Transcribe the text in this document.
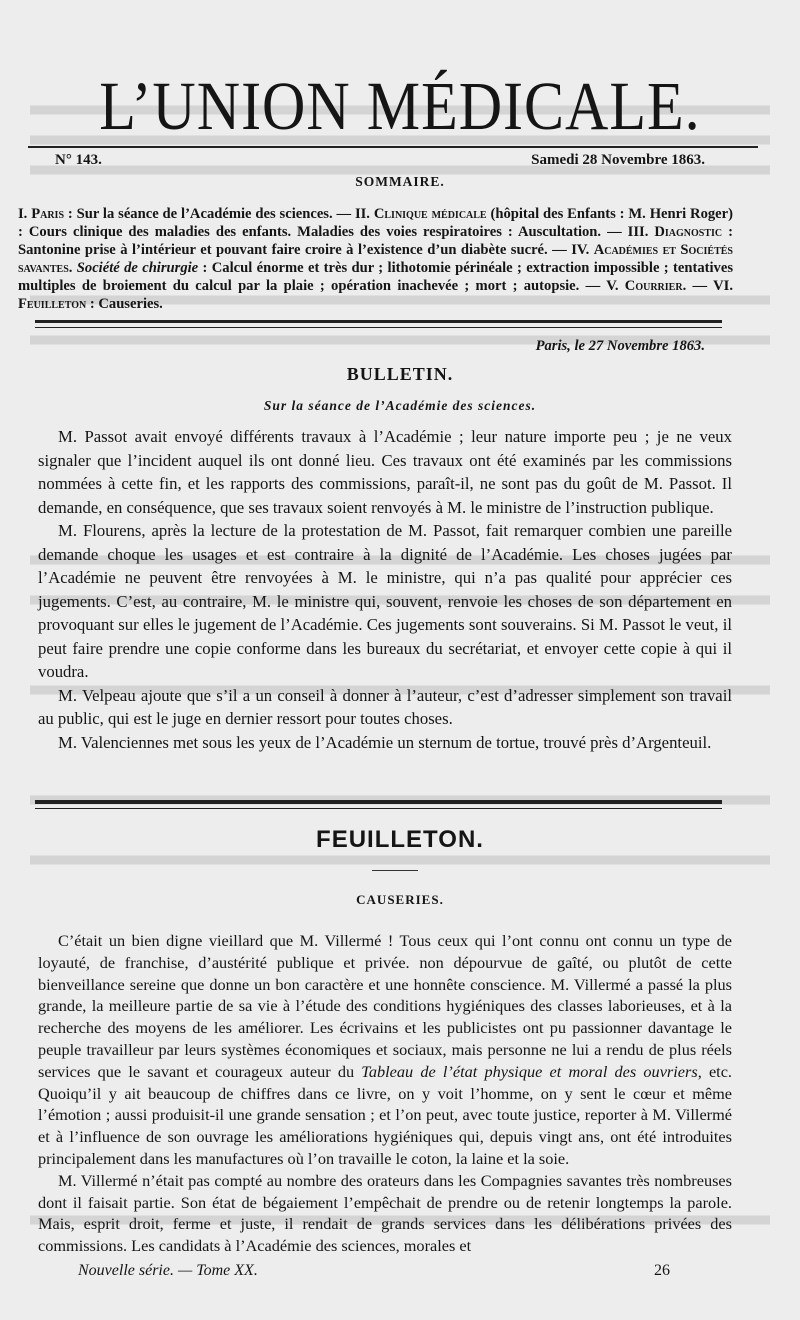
L’UNION MÉDICALE.
N° 143.	Samedi 28 Novembre 1863.
SOMMAIRE.
I. Paris : Sur la séance de l’Académie des sciences. — II. Clinique médicale (hôpital des Enfants : M. Henri Roger) : Cours clinique des maladies des enfants. Maladies des voies respiratoires : Auscultation. — III. Diagnostic : Santonine prise à l’intérieur et pouvant faire croire à l’existence d’un diabète sucré. — IV. Académies et Sociétés savantes. Société de chirurgie : Calcul énorme et très dur ; lithotomie périnéale ; extraction impossible ; tentatives multiples de broiement du calcul par la plaie ; opération inachevée ; mort ; autopsie. — V. Courrier. — VI. Feuilleton : Causeries.
Paris, le 27 Novembre 1863.
BULLETIN.
Sur la séance de l’Académie des sciences.

M. Passot avait envoyé différents travaux à l’Académie ; leur nature importe peu ; je ne veux signaler que l’incident auquel ils ont donné lieu. Ces travaux ont été examinés par les commissions nommées à cette fin, et les rapports des commissions, paraît-il, ne sont pas du goût de M. Passot. Il demande, en conséquence, que ses travaux soient renvoyés à M. le ministre de l’instruction publique.

M. Flourens, après la lecture de la protestation de M. Passot, fait remarquer combien une pareille demande choque les usages et est contraire à la dignité de l’Académie. Les choses jugées par l’Académie ne peuvent être renvoyées à M. le ministre, qui n’a pas qualité pour apprécier ces jugements. C’est, au contraire, M. le ministre qui, souvent, renvoie les choses de son département en provoquant sur elles le jugement de l’Académie. Ces jugements sont souverains. Si M. Passot le veut, il peut faire prendre une copie conforme dans les bureaux du secrétariat, et envoyer cette copie à qui il voudra.

M. Velpeau ajoute que s’il a un conseil à donner à l’auteur, c’est d’adresser simplement son travail au public, qui est le juge en dernier ressort pour toutes choses.

M. Valenciennes met sous les yeux de l’Académie un sternum de tortue, trouvé près d’Argenteuil.

FEUILLETON.
CAUSERIES.

C’était un bien digne vieillard que M. Villermé ! Tous ceux qui l’ont connu ont connu un type de loyauté, de franchise, d’austérité publique et privée. non dépourvue de gaîté, ou plutôt de cette bienveillance sereine que donne un bon caractère et une honnête conscience. M. Villermé a passé la plus grande, la meilleure partie de sa vie à l’étude des conditions hygiéniques des classes laborieuses, et à la recherche des moyens de les améliorer. Les écrivains et les publicistes ont pu passionner davantage le peuple travailleur par leurs systèmes économiques et sociaux, mais personne ne lui a rendu de plus réels services que le savant et courageux auteur du Tableau de l’état physique et moral des ouvriers, etc. Quoiqu’il y ait beaucoup de chiffres dans ce livre, on y voit l’homme, on y sent le cœur et même l’émotion ; aussi produisit-il une grande sensation ; et l’on peut, avec toute justice, reporter à M. Villermé et à l’influence de son ouvrage les améliorations hygiéniques qui, depuis vingt ans, ont été introduites principalement dans les manufactures où l’on travaille le coton, la laine et la soie.

M. Villermé n’était pas compté au nombre des orateurs dans les Compagnies savantes très nombreuses dont il faisait partie. Son état de bégaiement l’empêchait de prendre ou de retenir longtemps la parole. Mais, esprit droit, ferme et juste, il rendait de grands services dans les délibérations privées des commissions. Les candidats à l’Académie des sciences, morales et

Nouvelle série. — Tome XX.	26
